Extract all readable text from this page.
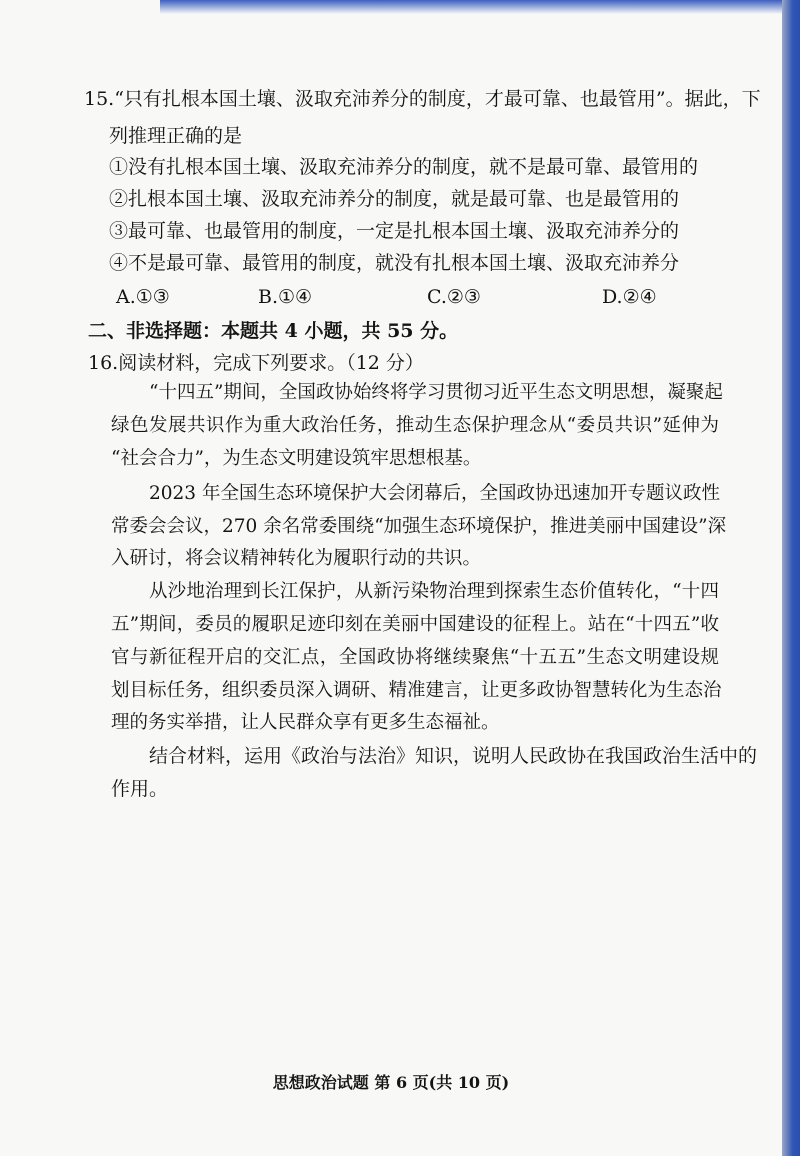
15.“只有扎根本国土壤、汲取充沛养分的制度，才最可靠、也最管用”。据此，下
列推理正确的是
①没有扎根本国土壤、汲取充沛养分的制度，就不是最可靠、最管用的
②扎根本国土壤、汲取充沛养分的制度，就是最可靠、也是最管用的
③最可靠、也最管用的制度，一定是扎根本国土壤、汲取充沛养分的
④不是最可靠、最管用的制度，就没有扎根本国土壤、汲取充沛养分
A.①③	B.①④	C.②③	D.②④
二、非选择题：本题共 4 小题，共 55 分。
16.阅读材料，完成下列要求。（12 分）
“十四五”期间，全国政协始终将学习贯彻习近平生态文明思想，凝聚起
绿色发展共识作为重大政治任务，推动生态保护理念从“委员共识”延伸为
“社会合力”，为生态文明建设筑牢思想根基。
2023 年全国生态环境保护大会闭幕后，全国政协迅速加开专题议政性
常委会会议，270 余名常委围绕“加强生态环境保护，推进美丽中国建设”深
入研讨，将会议精神转化为履职行动的共识。
从沙地治理到长江保护，从新污染物治理到探索生态价值转化，“十四
五”期间，委员的履职足迹印刻在美丽中国建设的征程上。站在“十四五”收
官与新征程开启的交汇点，全国政协将继续聚焦“十五五”生态文明建设规
划目标任务，组织委员深入调研、精准建言，让更多政协智慧转化为生态治
理的务实举措，让人民群众享有更多生态福祉。
结合材料，运用《政治与法治》知识，说明人民政协在我国政治生活中的
作用。
思想政治试题 第 6 页(共 10 页)
